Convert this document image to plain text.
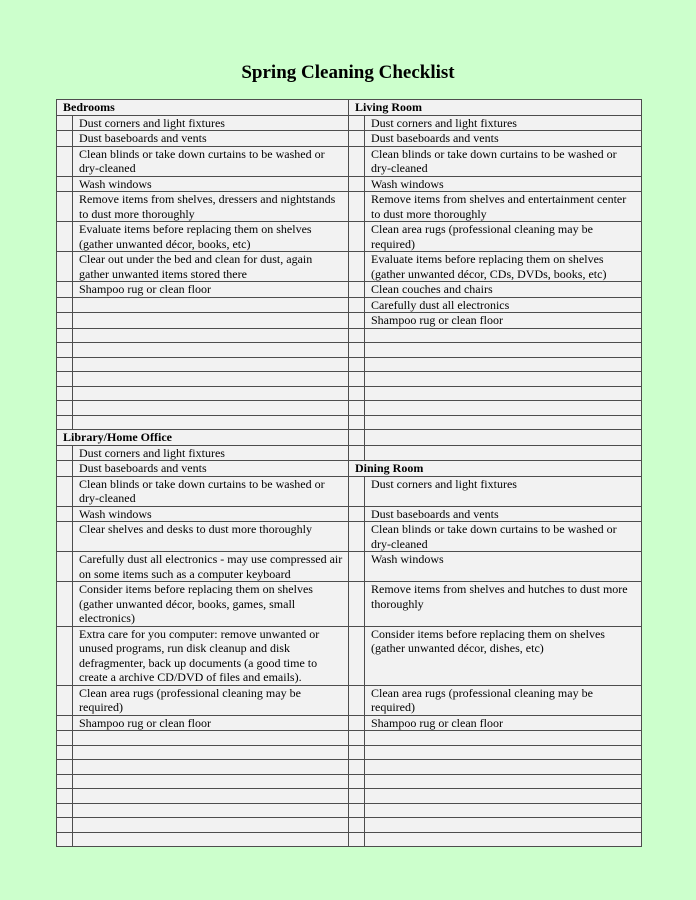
Spring Cleaning Checklist
Bedrooms		Living Room	
	Dust corners and light fixtures		Dust corners and light fixtures
	Dust baseboards and vents		Dust baseboards and vents
	Clean blinds or take down curtains to be washed or dry-cleaned		Clean blinds or take down curtains to be washed or dry-cleaned
	Wash windows		Wash windows
	Remove items from shelves, dressers and nightstands to dust more thoroughly		Remove items from shelves and entertainment center to dust more thoroughly
	Evaluate items before replacing them on shelves (gather unwanted décor, books, etc)		Clean area rugs (professional cleaning may be required)
	Clear out under the bed and clean for dust, again gather unwanted items stored there		Evaluate items before replacing them on shelves (gather unwanted décor, CDs, DVDs, books, etc)
	Shampoo rug or clean floor		Clean couches and chairs
			Carefully dust all electronics
			Shampoo rug or clean floor

Library/Home Office			
	Dust corners and light fixtures		
	Dust baseboards and vents	Dining Room	
	Clean blinds or take down curtains to be washed or dry-cleaned		Dust corners and light fixtures
	Wash windows		Dust baseboards and vents
	Clear shelves and desks to dust more thoroughly		Clean blinds or take down curtains to be washed or dry-cleaned
	Carefully dust all electronics - may use compressed air on some items such as a computer keyboard		Wash windows
	Consider items before replacing them on shelves (gather unwanted décor, books, games, small electronics)		Remove items from shelves and hutches to dust more thoroughly
	Extra care for you computer: remove unwanted or unused programs, run disk cleanup and disk defragmenter, back up documents (a good time to create a archive CD/DVD of files and emails).		Consider items before replacing them on shelves (gather unwanted décor, dishes, etc)
	Clean area rugs (professional cleaning may be required)		Clean area rugs (professional cleaning may be required)
	Shampoo rug or clean floor		Shampoo rug or clean floor
